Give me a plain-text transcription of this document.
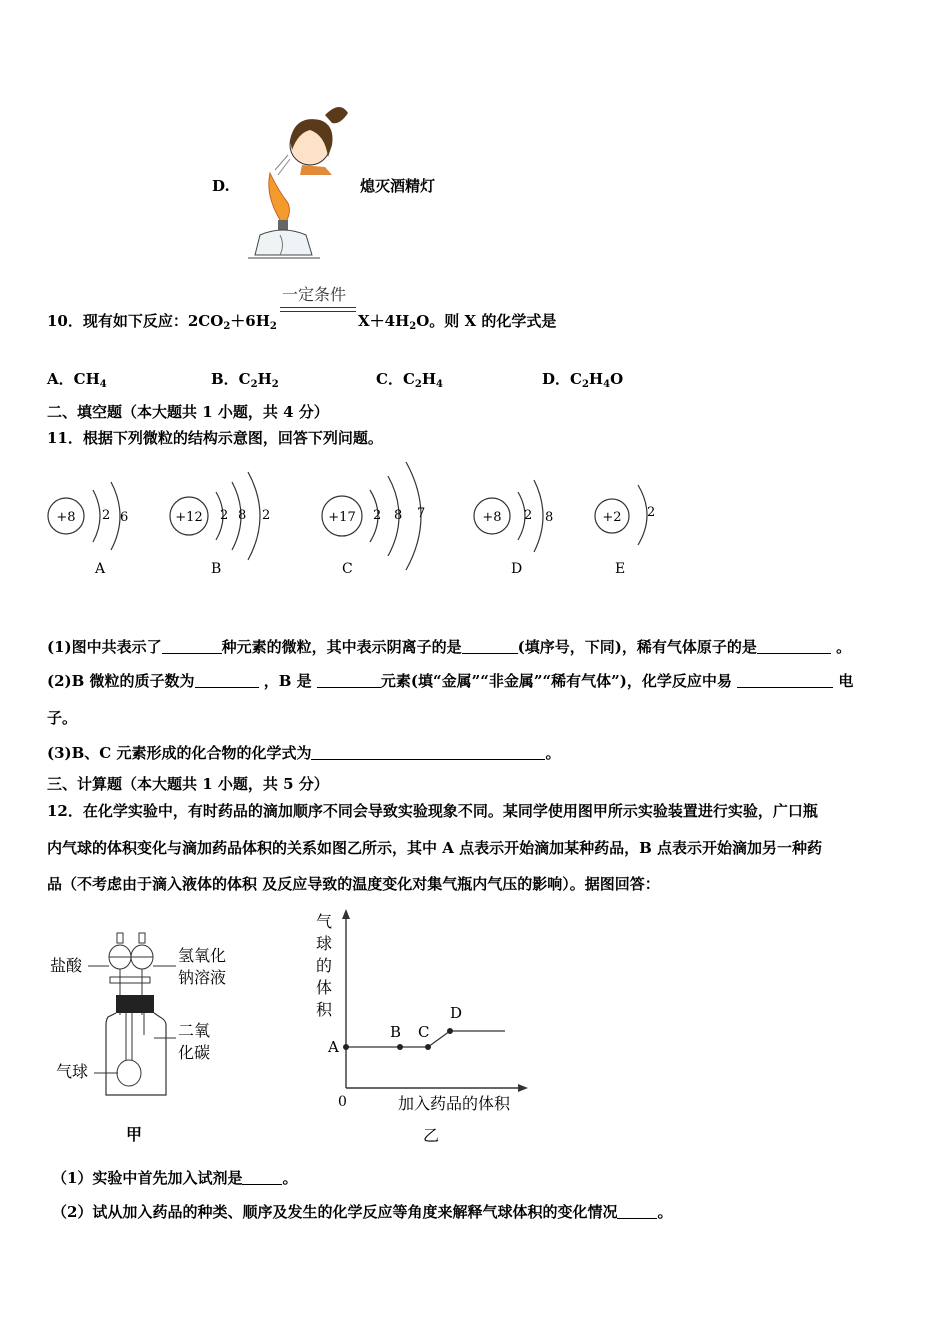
D.	熄灭酒精灯
10．现有如下反应：$2CO_2+6H_2$
一定条件
$X+4H_2O$。则 X 的化学式是
A．$CH_4$	B．$C_2H_2$	C．$C_2H_4$	D．$C_2H_4O$
二、填空题（本大题共 1 小题，共 4 分）
11．根据下列微粒的结构示意图，回答下列问题。
+8 2 6
A
+12 2 8 2
B
+17 2 8 7
C
+8 2 8
D
+2 2
E
(1)图中共表示了	种元素的微粒，其中表示阴离子的是	(填序号，下同)，稀有气体原子的是	。
(2)B 微粒的质子数为	，B 是	元素(填“金属”“非金属”“稀有气体”)，化学反应中易	电
子。
(3)B、C 元素形成的化合物的化学式为	。
三、计算题（本大题共 1 小题，共 5 分）
12．在化学实验中，有时药品的滴加顺序不同会导致实验现象不同。某同学使用图甲所示实验装置进行实验，广口瓶
内气球的体积变化与滴加药品体积的关系如图乙所示，其中 A 点表示开始滴加某种药品，B 点表示开始滴加另一种药
品（不考虑由于滴入液体的体积 及反应导致的温度变化对集气瓶内气压的影响）。据图回答：
盐酸
氢氧化
钠溶液
二氧
化碳
气球
甲
气
球
的
体
积
0	加入药品的体积
A
B C
D
乙
（1）实验中首先加入试剂是	。
（2）试从加入药品的种类、顺序及发生的化学反应等角度来解释气球体积的变化情况	。
